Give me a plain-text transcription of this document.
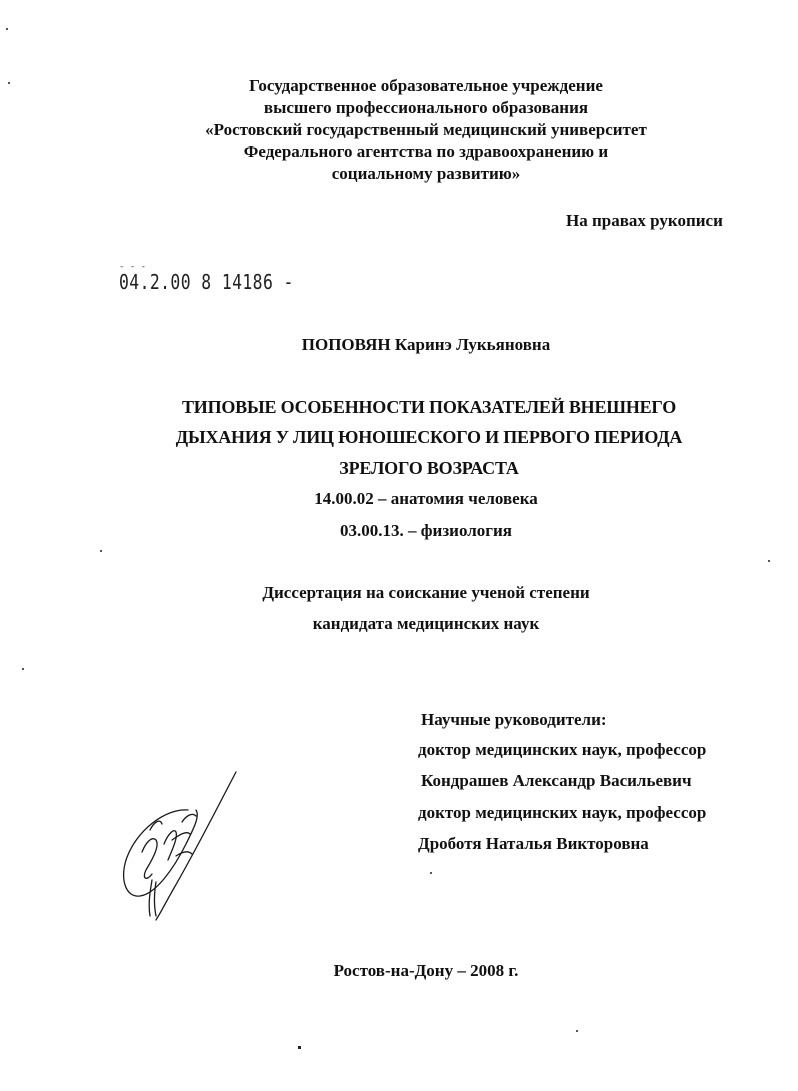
Государственное образовательное учреждение
высшего профессионального образования
«Ростовский государственный медицинский университет
Федерального агентства по здравоохранению и
социальному развитию»
На правах рукописи
- - -
04.2.00 8 14186 -
ПОПОВЯН Каринэ Лукьяновна
ТИПОВЫЕ ОСОБЕННОСТИ ПОКАЗАТЕЛЕЙ ВНЕШНЕГО
ДЫХАНИЯ У ЛИЦ ЮНОШЕСКОГО И ПЕРВОГО ПЕРИОДА
ЗРЕЛОГО ВОЗРАСТА
14.00.02 – анатомия человека
03.00.13. – физиология
Диссертация на соискание ученой степени
кандидата медицинских наук
Научные руководители:
доктор медицинских наук, профессор
Кондрашев Александр Васильевич
доктор медицинских наук, профессор
Дроботя Наталья Викторовна
Ростов-на-Дону – 2008 г.
